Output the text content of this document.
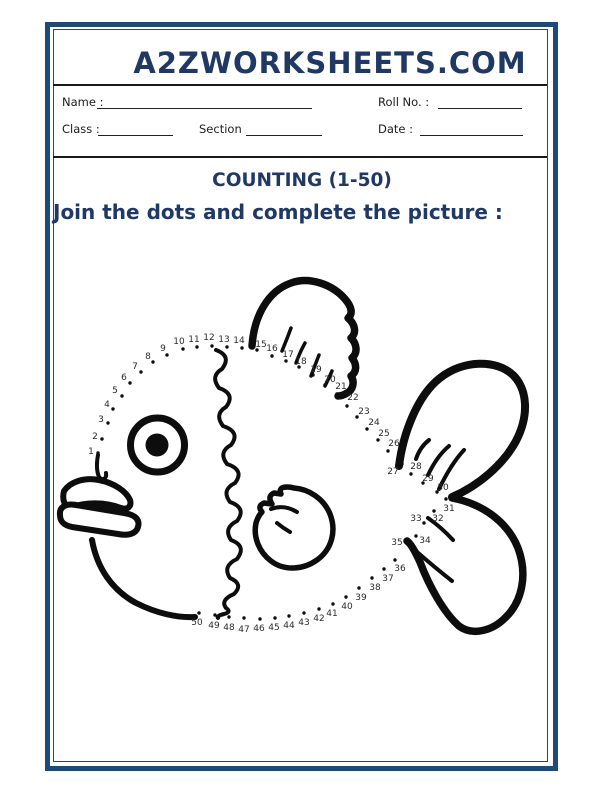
A2ZWORKSHEETS.COM
Name :	Roll No. :
Class :	Section	Date :
COUNTING (1-50)
Join the dots and complete the picture :
1
2
3
4
5
6
7
8
9
10 11 12 13 14 15 16
17
18
19
20
21
22
23
24
25
26
27 28
29
30
31
32
33
34
35
36
37
38
39
40
41
42
43
44
45
46
47
48
49
50
